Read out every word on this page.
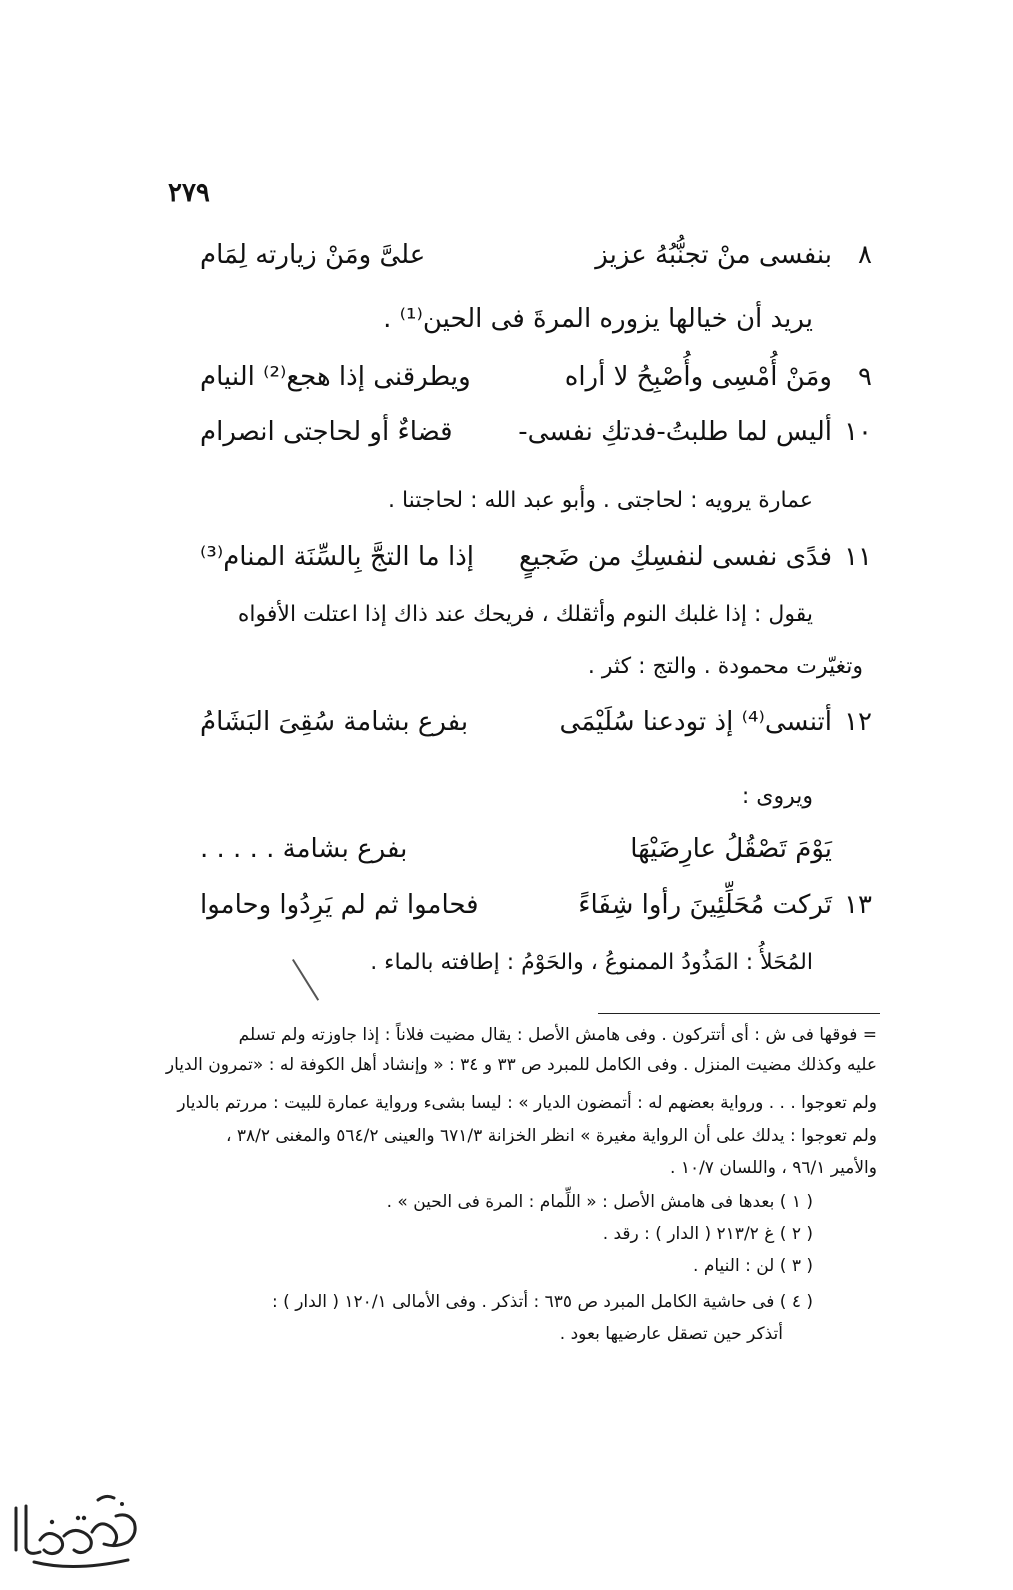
٢٧٩
٨
بنفسى منْ تجنُّبُهُ عزيز
علىَّ ومَنْ زيارته لِمَام
يريد أن خيالها يزوره المرةَ فى الحين⁽¹⁾ .
٩
ومَنْ أُمْسِى وأُصْبِحُ لا أراه
ويطرقنى إذا هجع⁽²⁾ النيام
١٠
أليس لما طلبتُ-فدتكِ نفسى-
قضاءٌ أو لحاجتى انصرام
عمارة يرويه : لحاجتى . وأبو عبد الله : لحاجتنا .
١١
فدًى نفسى لنفسِكِ من ضَجيعٍ
إذا ما التجَّ بِالسِّنَة المنام⁽³⁾
يقول : إذا غلبك النوم وأثقلك ، فريحك عند ذاك إذا اعتلت الأفواه
وتغيّرت محمودة . والتج : كثر .
١٢
أتنسى⁽⁴⁾ إذ تودعنا سُلَيْمَى
بفرع بشامة سُقِىَ البَشَامُ
ويروى :
يَوْمَ تَصْقُلُ عارِضَيْهَا
بفرع بشامة . . . . .
١٣
تَركت مُحَلِّئِينَ رأوا شِفَاءً
فحاموا ثم لم يَرِدُوا وحاموا
المُحَلأُ : المَذُودُ الممنوعُ ، والحَوْمُ : إطافته بالماء .
= فوقها فى ش : أى أتتركون . وفى هامش الأصل : يقال مضيت فلاناً : إذا جاوزته ولم تسلم
عليه وكذلك مضيت المنزل . وفى الكامل للمبرد ص ٣٣ و ٣٤ : « وإنشاد أهل الكوفة له : «تمرون الديار
ولم تعوجوا . . . ورواية بعضهم له : أتمضون الديار » : ليسا بشىء ورواية عمارة للبيت : مررتم بالديار
ولم تعوجوا : يدلك على أن الرواية مغيرة » انظر الخزانة ٦٧١/٣ والعينى ٥٦٤/٢ والمغنى ٣٨/٢ ،
والأمير ٩٦/١ ، واللسان ١٠/٧ .
( ١ ) بعدها فى هامش الأصل : « اللِّمام : المرة فى الحين » .
( ٢ ) غ ٢١٣/٢ ( الدار ) : رقد .
( ٣ ) لن : النيام .
( ٤ ) فى حاشية الكامل المبرد ص ٦٣٥ : أتذكر . وفى الأمالى ١٢٠/١ ( الدار ) :
أتذكر حين تصقل عارضيها بعود .
